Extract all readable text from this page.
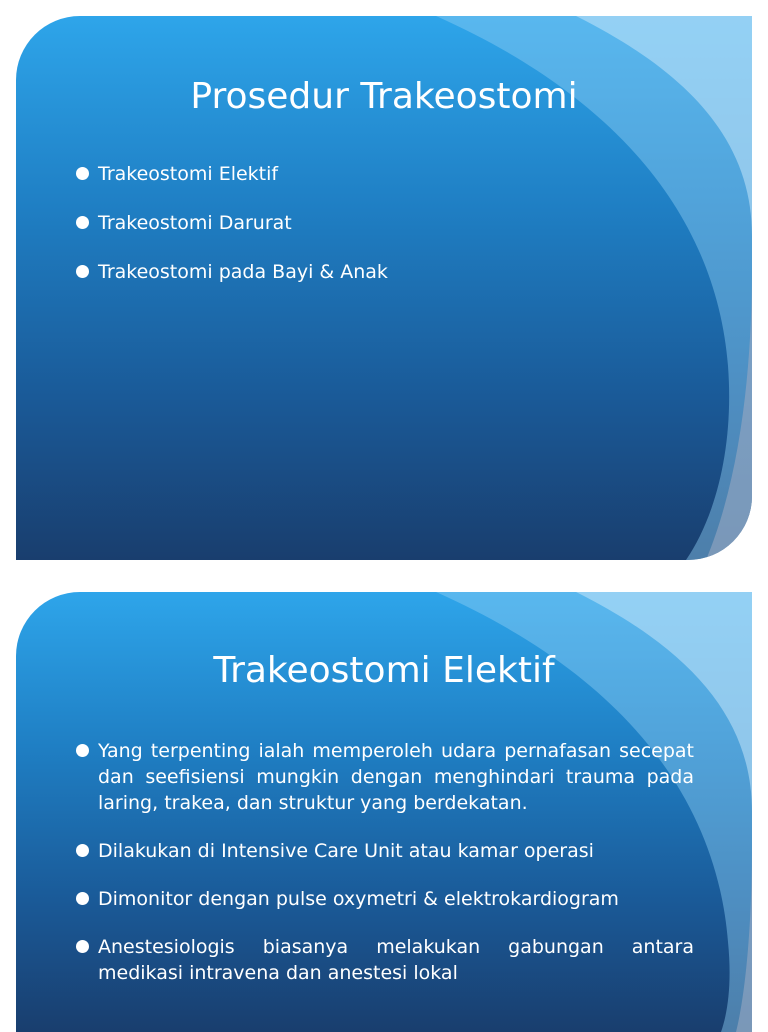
Prosedur Trakeostomi
Trakeostomi Elektif
Trakeostomi Darurat
Trakeostomi pada Bayi & Anak
Trakeostomi Elektif
Yang terpenting ialah memperoleh udara pernafasan secepat dan seefisiensi mungkin dengan menghindari trauma pada laring, trakea, dan struktur yang berdekatan.
Dilakukan di Intensive Care Unit atau kamar operasi
Dimonitor dengan pulse oxymetri & elektrokardiogram
Anestesiologis biasanya melakukan gabungan antara medikasi intravena dan anestesi lokal
